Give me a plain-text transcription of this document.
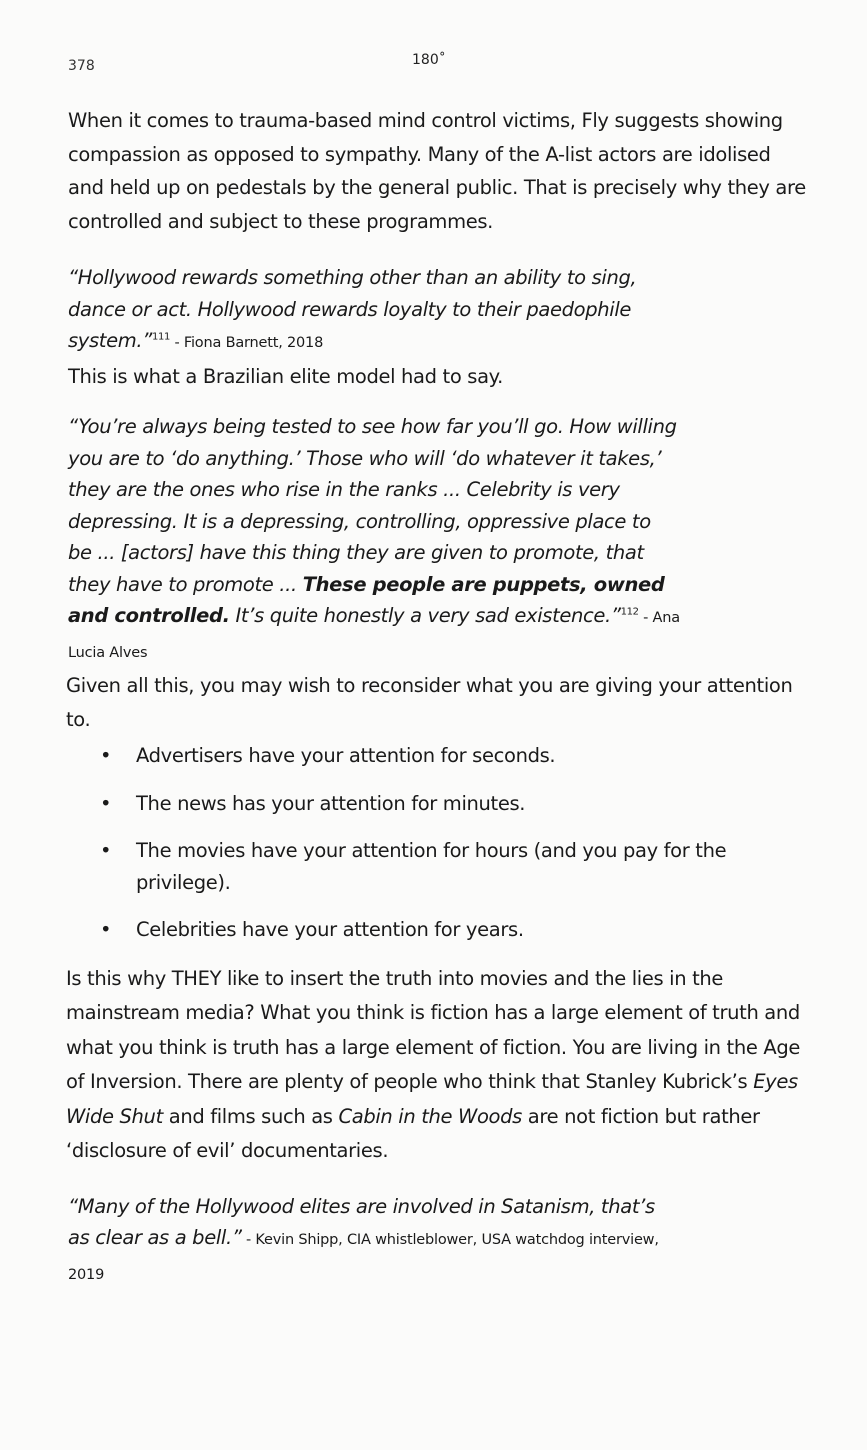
378	180˚

When it comes to trauma-based mind control victims, Fly suggests showing compassion as opposed to sympathy. Many of the A-list actors are idolised and held up on pedestals by the general public. That is precisely why they are controlled and subject to these programmes.

“Hollywood rewards something other than an ability to sing, dance or act. Hollywood rewards loyalty to their paedophile system.”$^{111}$ - Fiona Barnett, 2018

This is what a Brazilian elite model had to say.

“You’re always being tested to see how far you’ll go. How willing you are to ‘do anything.’ Those who will ‘do whatever it takes,’ they are the ones who rise in the ranks ... Celebrity is very depressing. It is a depressing, controlling, oppressive place to be ... [actors] have this thing they are given to promote, that they have to promote ... These people are puppets, owned and controlled. It’s quite honestly a very sad existence.”$^{112}$ - Ana Lucia Alves

Given all this, you may wish to reconsider what you are giving your attention to.

• Advertisers have your attention for seconds.
• The news has your attention for minutes.
• The movies have your attention for hours (and you pay for the privilege).
• Celebrities have your attention for years.

Is this why THEY like to insert the truth into movies and the lies in the mainstream media? What you think is fiction has a large element of truth and what you think is truth has a large element of fiction. You are living in the Age of Inversion. There are plenty of people who think that Stanley Kubrick’s Eyes Wide Shut and films such as Cabin in the Woods are not fiction but rather ‘disclosure of evil’ documentaries.

“Many of the Hollywood elites are involved in Satanism, that’s as clear as a bell.” - Kevin Shipp, CIA whistleblower, USA watchdog interview, 2019
